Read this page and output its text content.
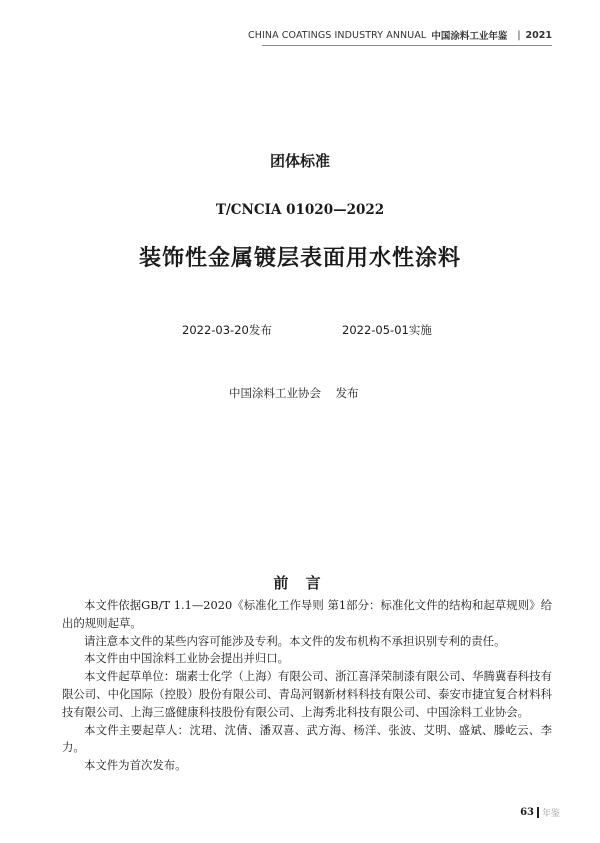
CHINA COATINGS INDUSTRY ANNUAL 中国涂料工业年鉴 | 2021
团体标准
T/CNCIA 01020—2022
装饰性金属镀层表面用水性涂料
2022-03-20发布	2022-05-01实施
中国涂料工业协会    发布
前 言

本文件依据GB/T 1.1—2020《标准化工作导则 第1部分：标准化文件的结构和起草规则》给出的规则起草。

请注意本文件的某些内容可能涉及专利。本文件的发布机构不承担识别专利的责任。

本文件由中国涂料工业协会提出并归口。

本文件起草单位：瑞素士化学（上海）有限公司、浙江喜泽荣制漆有限公司、华腾冀春科技有限公司、中化国际（控股）股份有限公司、青岛河钢新材料科技有限公司、泰安市捷宜复合材料科技有限公司、上海三盛健康科技股份有限公司、上海秀北科技有限公司、中国涂料工业协会。

本文件主要起草人：沈珺、沈倩、潘双喜、武方海、杨洋、张波、艾明、盛斌、滕屹云、李力。

本文件为首次发布。

63 年鉴
